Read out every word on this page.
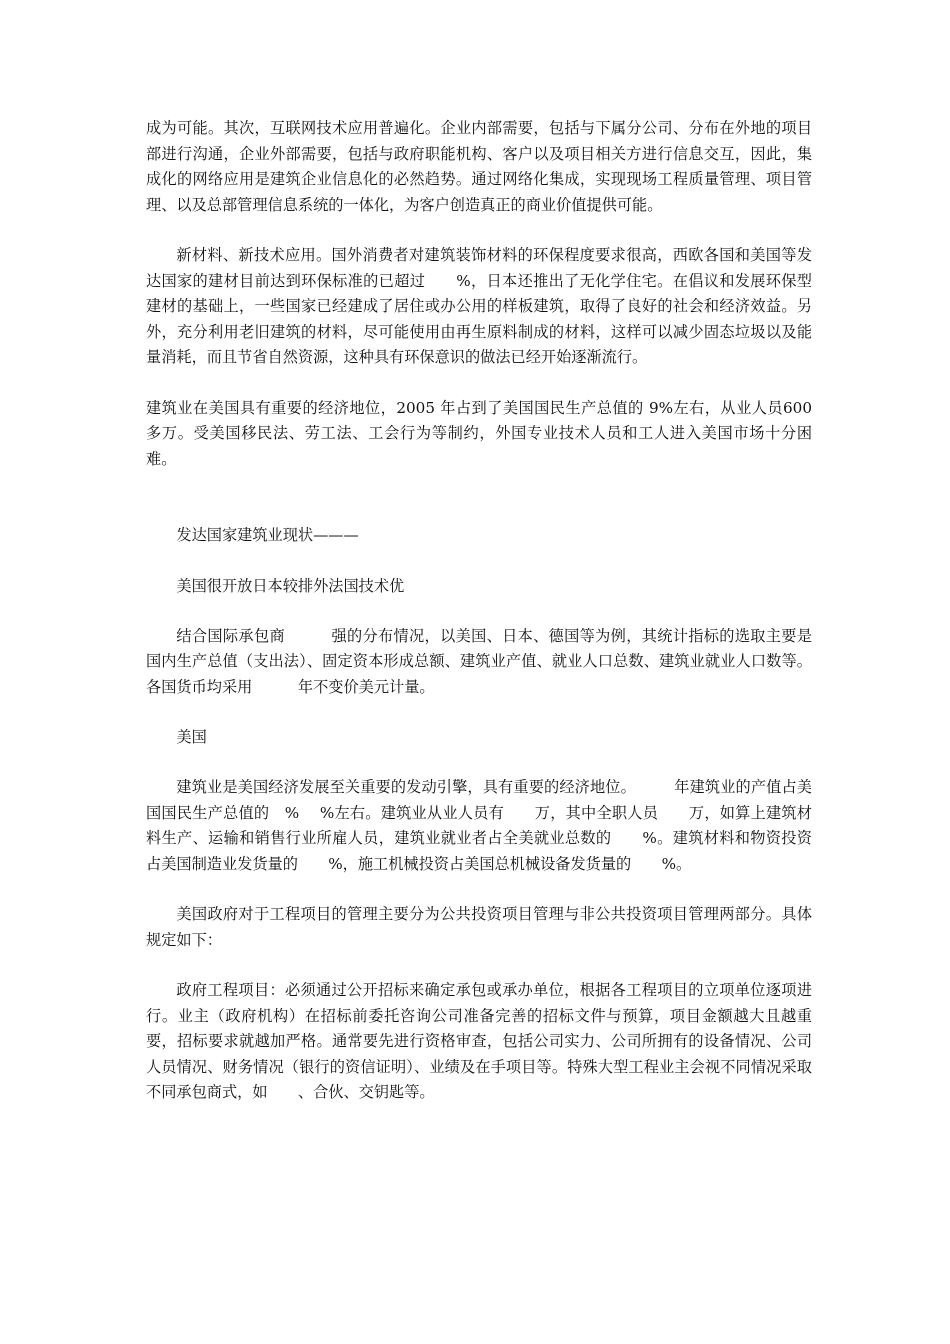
成为可能。其次，互联网技术应用普遍化。企业内部需要，包括与下属分公司、分布在外地的项目部进行沟通，企业外部需要，包括与政府职能机构、客户以及项目相关方进行信息交互，因此，集成化的网络应用是建筑企业信息化的必然趋势。通过网络化集成，实现现场工程质量管理、项目管理、以及总部管理信息系统的一体化，为客户创造真正的商业价值提供可能。

新材料、新技术应用。国外消费者对建筑装饰材料的环保程度要求很高，西欧各国和美国等发达国家的建材目前达到环保标准的已超过　　%，日本还推出了无化学住宅。在倡议和发展环保型建材的基础上，一些国家已经建成了居住或办公用的样板建筑，取得了良好的社会和经济效益。另外，充分利用老旧建筑的材料，尽可能使用由再生原料制成的材料，这样可以减少固态垃圾以及能量消耗，而且节省自然资源，这种具有环保意识的做法已经开始逐渐流行。

建筑业在美国具有重要的经济地位，2005 年占到了美国国民生产总值的 9%左右，从业人员600 多万。受美国移民法、劳工法、工会行为等制约，外国专业技术人员和工人进入美国市场十分困难。

发达国家建筑业现状———

美国很开放日本较排外法国技术优

结合国际承包商　　　强的分布情况，以美国、日本、德国等为例，其统计指标的选取主要是国内生产总值（支出法）、固定资本形成总额、建筑业产值、就业人口总数、建筑业就业人口数等。各国货币均采用　　　年不变价美元计量。

美国

建筑业是美国经济发展至关重要的发动引擎，具有重要的经济地位。　　　年建筑业的产值占美国国民生产总值的　%　 %左右。建筑业从业人员有　　万，其中全职人员　　万，如算上建筑材料生产、运输和销售行业所雇人员，建筑业就业者占全美就业总数的　　%。建筑材料和物资投资占美国制造业发货量的　　%，施工机械投资占美国总机械设备发货量的　　%。

美国政府对于工程项目的管理主要分为公共投资项目管理与非公共投资项目管理两部分。具体规定如下：

政府工程项目：必须通过公开招标来确定承包或承办单位，根据各工程项目的立项单位逐项进行。业主（政府机构）在招标前委托咨询公司准备完善的招标文件与预算，项目金额越大且越重要，招标要求就越加严格。通常要先进行资格审查，包括公司实力、公司所拥有的设备情况、公司人员情况、财务情况（银行的资信证明）、业绩及在手项目等。特殊大型工程业主会视不同情况采取不同承包商式，如　　、合伙、交钥匙等。
